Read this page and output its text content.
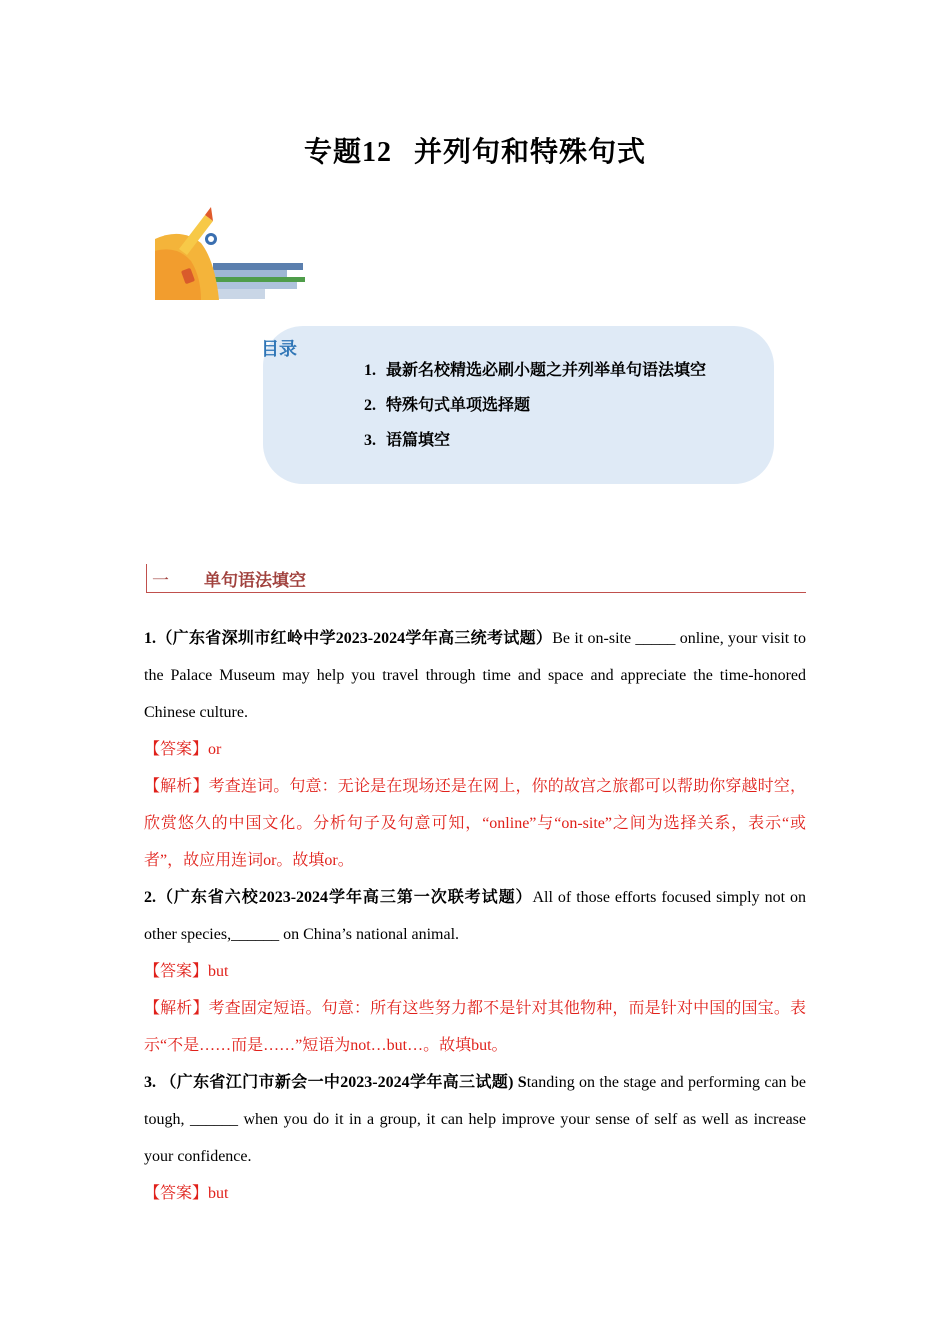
专题12 并列句和特殊句式
目录
1. 最新名校精选必刷小题之并列举单句语法填空
2. 特殊句式单项选择题
3. 语篇填空
一 单句语法填空

1.（广东省深圳市红岭中学2023-2024学年高三统考试题）Be it on-site _____ online, your visit to the Palace Museum may help you travel through time and space and appreciate the time-honored Chinese culture.

【答案】or

【解析】考查连词。句意：无论是在现场还是在网上，你的故宫之旅都可以帮助你穿越时空，欣赏悠久的中国文化。分析句子及句意可知，“online”与“on-site”之间为选择关系，表示“或者”，故应用连词or。故填or。

2.（广东省六校2023-2024学年高三第一次联考试题）All of those efforts focused simply not on other species,______ on China’s national animal.

【答案】but

【解析】考查固定短语。句意：所有这些努力都不是针对其他物种，而是针对中国的国宝。表示“不是……而是……”短语为not…but…。故填but。

3. （广东省江门市新会一中2023-2024学年高三试题) Standing on the stage and performing can be tough, ______ when you do it in a group, it can help improve your sense of self as well as increase your confidence.

【答案】but
